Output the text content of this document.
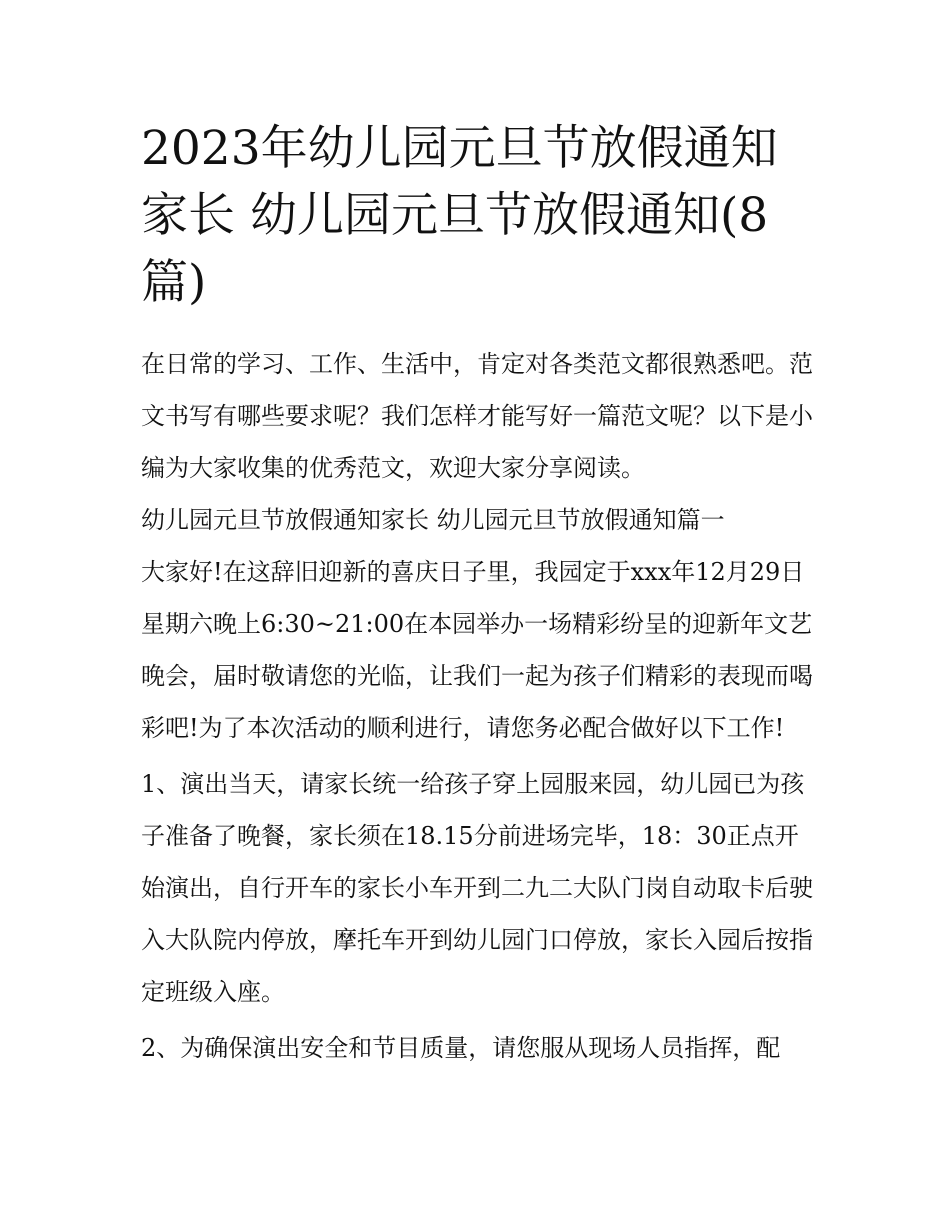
2023年幼儿园元旦节放假通知家长 幼儿园元旦节放假通知(8篇)

在日常的学习、工作、生活中，肯定对各类范文都很熟悉吧。范文书写有哪些要求呢？我们怎样才能写好一篇范文呢？以下是小编为大家收集的优秀范文，欢迎大家分享阅读。

幼儿园元旦节放假通知家长 幼儿园元旦节放假通知篇一

大家好!在这辞旧迎新的喜庆日子里，我园定于xxx年12月29日星期六晚上6:30~21:00在本园举办一场精彩纷呈的迎新年文艺晚会，届时敬请您的光临，让我们一起为孩子们精彩的表现而喝彩吧!为了本次活动的顺利进行，请您务必配合做好以下工作!

1、演出当天，请家长统一给孩子穿上园服来园，幼儿园已为孩子准备了晚餐，家长须在18.15分前进场完毕，18：30正点开始演出，自行开车的家长小车开到二九二大队门岗自动取卡后驶入大队院内停放，摩托车开到幼儿园门口停放，家长入园后按指定班级入座。

2、为确保演出安全和节目质量，请您服从现场人员指挥，配
